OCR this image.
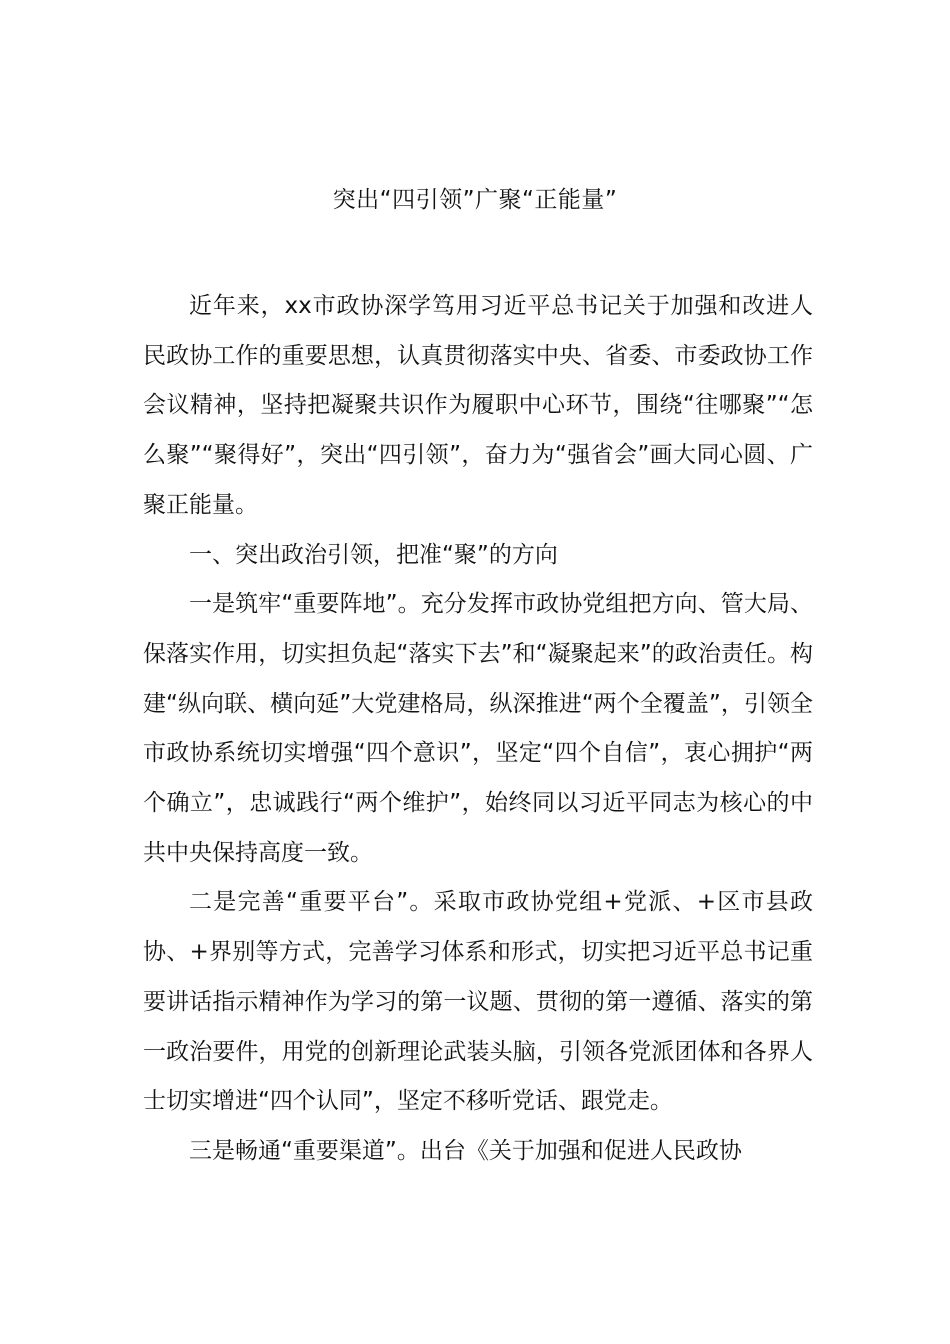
突出“四引领”广聚“正能量”

近年来，xx市政协深学笃用习近平总书记关于加强和改进人民政协工作的重要思想，认真贯彻落实中央、省委、市委政协工作会议精神，坚持把凝聚共识作为履职中心环节，围绕“往哪聚”“怎么聚”“聚得好”，突出“四引领”，奋力为“强省会”画大同心圆、广聚正能量。

一、突出政治引领，把准“聚”的方向

一是筑牢“重要阵地”。充分发挥市政协党组把方向、管大局、保落实作用，切实担负起“落实下去”和“凝聚起来”的政治责任。构建“纵向联、横向延”大党建格局，纵深推进“两个全覆盖”，引领全市政协系统切实增强“四个意识”，坚定“四个自信”，衷心拥护“两个确立”，忠诚践行“两个维护”，始终同以习近平同志为核心的中共中央保持高度一致。

二是完善“重要平台”。采取市政协党组+党派、+区市县政协、+界别等方式，完善学习体系和形式，切实把习近平总书记重要讲话指示精神作为学习的第一议题、贯彻的第一遵循、落实的第一政治要件，用党的创新理论武装头脑，引领各党派团体和各界人士切实增进“四个认同”，坚定不移听党话、跟党走。

三是畅通“重要渠道”。出台《关于加强和促进人民政协
